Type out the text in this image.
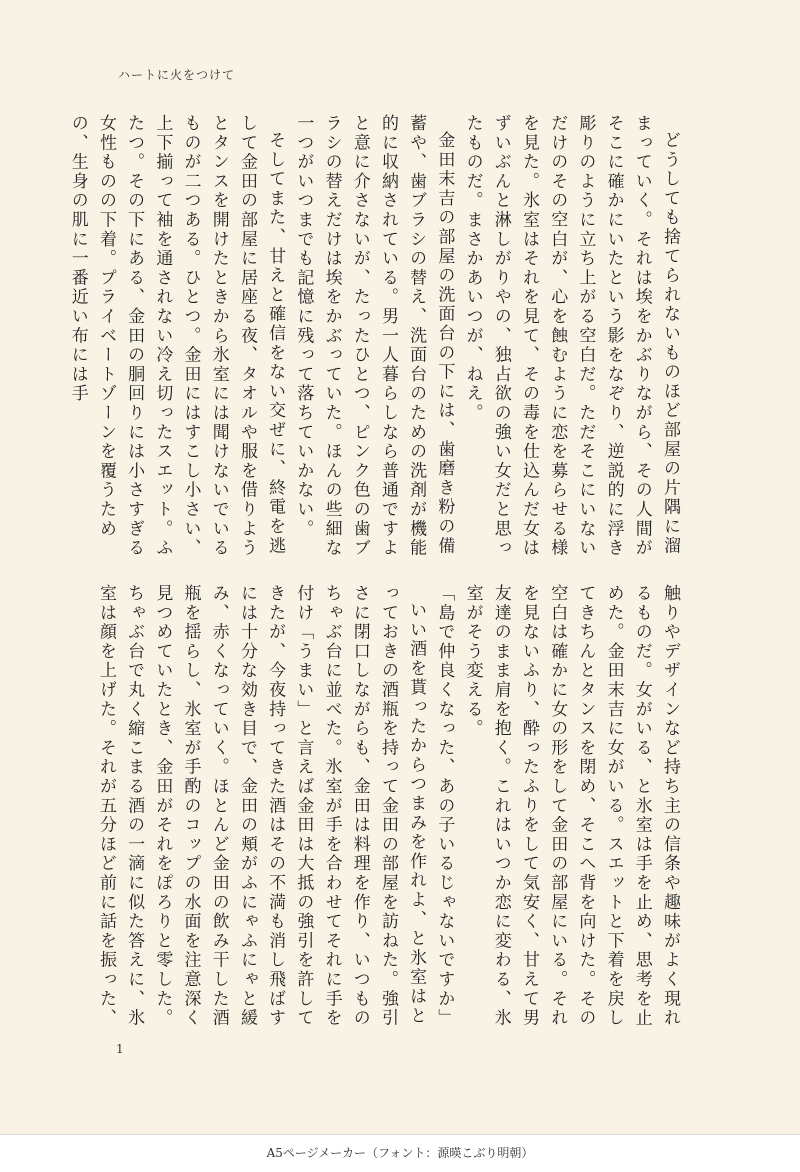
ハートに火をつけて

どうしても捨てられないものほど部屋の片隅に溜まっていく。それは埃をかぶりながら、その人間がそこに確かにいたという影をなぞり、逆説的に浮き彫りのように立ち上がる空白だ。ただそこにいないだけのその空白が、心を蝕むように恋を募らせる様を見た。氷室はそれを見て、その毒を仕込んだ女はずいぶんと淋しがりやの、独占欲の強い女だと思ったものだ。まさかあいつが、ねえ。

金田末吉の部屋の洗面台の下には、歯磨き粉の備蓄や、歯ブラシの替え、洗面台のための洗剤が機能的に収納されている。男一人暮らしなら普通ですよと意に介さないが、たったひとつ、ピンク色の歯ブラシの替えだけは埃をかぶっていた。ほんの些細な一つがいつまでも記憶に残って落ちていかない。

そしてまた、甘えと確信をない交ぜに、終電を逃して金田の部屋に居座る夜、タオルや服を借りようとタンスを開けたときから氷室には聞けないでいるものが二つある。ひとつ。金田にはすこし小さい、上下揃って袖を通されない冷え切ったスエット。ふたつ。その下にある、金田の胴回りには小さすぎる女性ものの下着。プライベートゾーンを覆うための、生身の肌に一番近い布には手

触りやデザインなど持ち主の信条や趣味がよく現れるものだ。女がいる、と氷室は手を止め、思考を止めた。金田末吉に女がいる。スエットと下着を戻してきちんとタンスを閉め、そこへ背を向けた。その空白は確かに女の形をして金田の部屋にいる。それを見ないふり、酔ったふりをして気安く、甘えて男友達のまま肩を抱く。これはいつか恋に変わる、氷室がそう変える。

「島で仲良くなった、あの子いるじゃないですか」

いい酒を貰ったからつまみを作れよ、と氷室はとっておきの酒瓶を持って金田の部屋を訪ねた。強引さに閉口しながらも、金田は料理を作り、いつものちゃぶ台に並べた。氷室が手を合わせてそれに手を付け「うまい」と言えば金田は大抵の強引を許してきたが、今夜持ってきた酒はその不満も消し飛ばすには十分な効き目で、金田の頬がふにゃふにゃと緩み、赤くなっていく。ほとんど金田の飲み干した酒瓶を揺らし、氷室が手酌のコップの水面を注意深く見つめていたとき、金田がそれをぽろりと零した。ちゃぶ台で丸く縮こまる酒の一滴に似た答えに、氷室は顔を上げた。それが五分ほど前に話を振った、

1
A5ページメーカー（フォント：源暎こぶり明朝）
